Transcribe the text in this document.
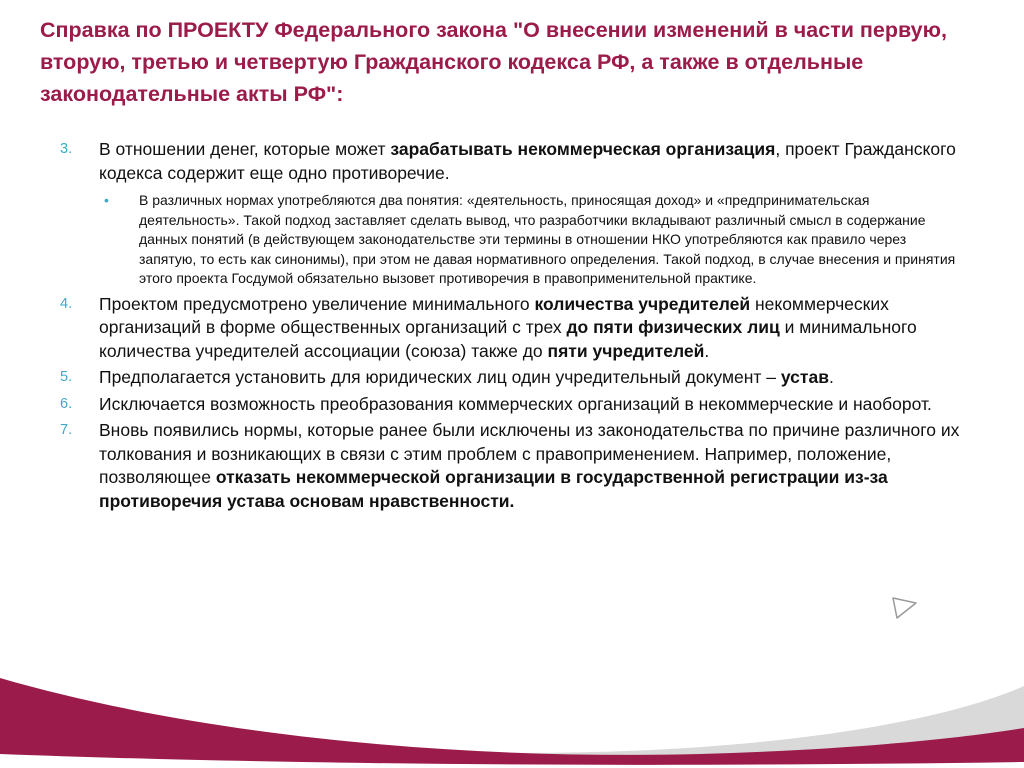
Справка по ПРОЕКТУ Федерального закона "О внесении изменений в части первую, вторую, третью и четвертую Гражданского кодекса РФ, а также в отдельные законодательные акты РФ":
3. В отношении денег, которые может зарабатывать некоммерческая организация, проект Гражданского кодекса содержит еще одно противоречие.
• В различных нормах употребляются два понятия: «деятельность, приносящая доход» и «предпринимательская деятельность». Такой подход заставляет сделать вывод, что разработчики вкладывают различный смысл в содержание данных понятий (в действующем законодательстве эти термины в отношении НКО употребляются как правило через запятую, то есть как синонимы), при этом не давая нормативного определения. Такой подход, в случае внесения и принятия этого проекта Госдумой обязательно вызовет противоречия в правоприменительной практике.
4. Проектом предусмотрено увеличение минимального количества учредителей некоммерческих организаций в форме общественных организаций с трех до пяти физических лиц и минимального количества учредителей ассоциации (союза) также до пяти учредителей.
5. Предполагается установить для юридических лиц один учредительный документ – устав.
6. Исключается возможность преобразования коммерческих организаций в некоммерческие и наоборот.
7. Вновь появились нормы, которые ранее были исключены из законодательства по причине различного их толкования и возникающих в связи с этим проблем с правоприменением. Например, положение, позволяющее отказать некоммерческой организации в государственной регистрации из-за противоречия устава основам нравственности.
